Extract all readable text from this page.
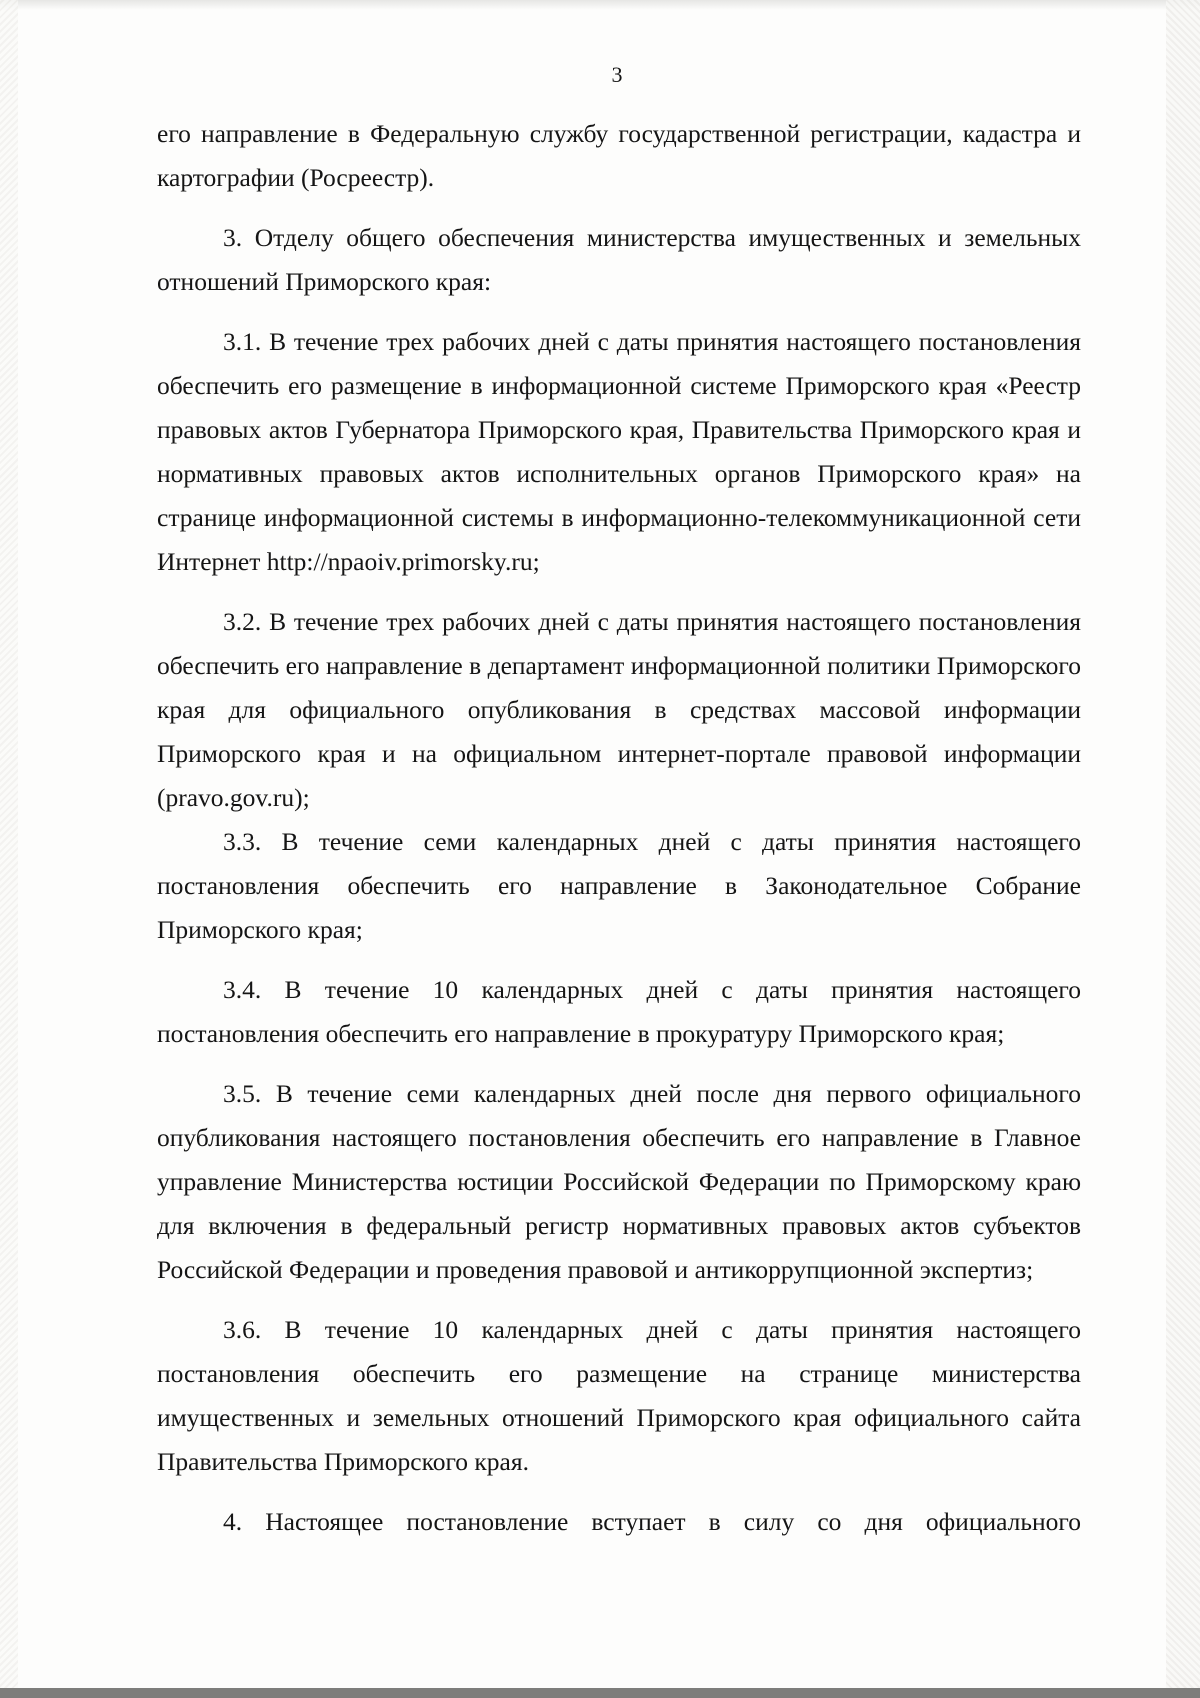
3

его направление в Федеральную службу государственной регистрации, кадастра и картографии (Росреестр).

3. Отделу общего обеспечения министерства имущественных и земельных отношений Приморского края:

3.1. В течение трех рабочих дней с даты принятия настоящего постановления обеспечить его размещение в информационной системе Приморского края «Реестр правовых актов Губернатора Приморского края, Правительства Приморского края и нормативных правовых актов исполнительных органов Приморского края» на странице информационной системы в информационно-телекоммуникационной сети Интернет http://npaoiv.primorsky.ru;

3.2. В течение трех рабочих дней с даты принятия настоящего постановления обеспечить его направление в департамент информационной политики Приморского края для официального опубликования в средствах массовой информации Приморского края и на официальном интернет-портале правовой информации (pravo.gov.ru);

3.3. В течение семи календарных дней с даты принятия настоящего постановления обеспечить его направление в Законодательное Собрание Приморского края;

3.4. В течение 10 календарных дней с даты принятия настоящего постановления обеспечить его направление в прокуратуру Приморского края;

3.5. В течение семи календарных дней после дня первого официального опубликования настоящего постановления обеспечить его направление в Главное управление Министерства юстиции Российской Федерации по Приморскому краю для включения в федеральный регистр нормативных правовых актов субъектов Российской Федерации и проведения правовой и антикоррупционной экспертиз;

3.6. В течение 10 календарных дней с даты принятия настоящего постановления обеспечить его размещение на странице министерства имущественных и земельных отношений Приморского края официального сайта Правительства Приморского края.

4. Настоящее постановление вступает в силу со дня официального
